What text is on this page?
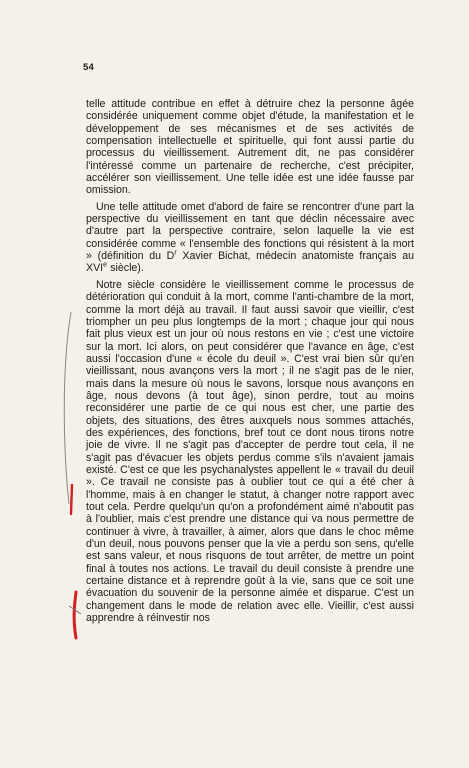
54

telle attitude contribue en effet à détruire chez la personne âgée considérée uniquement comme objet d'étude, la manifestation et le développement de ses mécanismes et de ses activités de compensation intellectuelle et spirituelle, qui font aussi partie du processus du vieillissement. Autrement dit, ne pas considérer l'intéressé comme un partenaire de recherche, c'est précipiter, accélérer son vieillissement. Une telle idée est une idée fausse par omission.

Une telle attitude omet d'abord de faire se rencontrer d'une part la perspective du vieillissement en tant que déclin nécessaire avec d'autre part la perspective contraire, selon laquelle la vie est considérée comme « l'ensemble des fonctions qui résistent à la mort » (définition du $D^r$ Xavier Bichat, médecin anatomiste français au XVIe siècle).

Notre siècle considère le vieillissement comme le processus de détérioration qui conduit à la mort, comme l'anti-chambre de la mort, comme la mort déjà au travail. Il faut aussi savoir que vieillir, c'est triompher un peu plus longtemps de la mort ; chaque jour qui nous fait plus vieux est un jour où nous restons en vie ; c'est une victoire sur la mort. Ici alors, on peut considérer que l'avance en âge, c'est aussi l'occasion d'une « école du deuil ». C'est vrai bien sûr qu'en vieillissant, nous avançons vers la mort ; il ne s'agit pas de le nier, mais dans la mesure où nous le savons, lorsque nous avançons en âge, nous devons (à tout âge), sinon perdre, tout au moins reconsidérer une partie de ce qui nous est cher, une partie des objets, des situations, des êtres auxquels nous sommes attachés, des expériences, des fonctions, bref tout ce dont nous tirons notre joie de vivre. Il ne s'agit pas d'accepter de perdre tout cela, il ne s'agit pas d'évacuer les objets perdus comme s'ils n'avaient jamais existé. C'est ce que les psychanalystes appellent le « travail du deuil ». Ce travail ne consiste pas à oublier tout ce qui a été cher à l'homme, mais à en changer le statut, à changer notre rapport avec tout cela. Perdre quelqu'un qu'on a profondément aimé n'aboutit pas à l'oublier, mais c'est prendre une distance qui va nous permettre de continuer à vivre, à travailler, à aimer, alors que dans le choc même d'un deuil, nous pouvons penser que la vie a perdu son sens, qu'elle est sans valeur, et nous risquons de tout arrêter, de mettre un point final à toutes nos actions. Le travail du deuil consiste à prendre une certaine distance et à reprendre goût à la vie, sans que ce soit une évacuation du souvenir de la personne aimée et disparue. C'est un changement dans le mode de relation avec elle. Vieillir, c'est aussi apprendre à réinvestir nos
